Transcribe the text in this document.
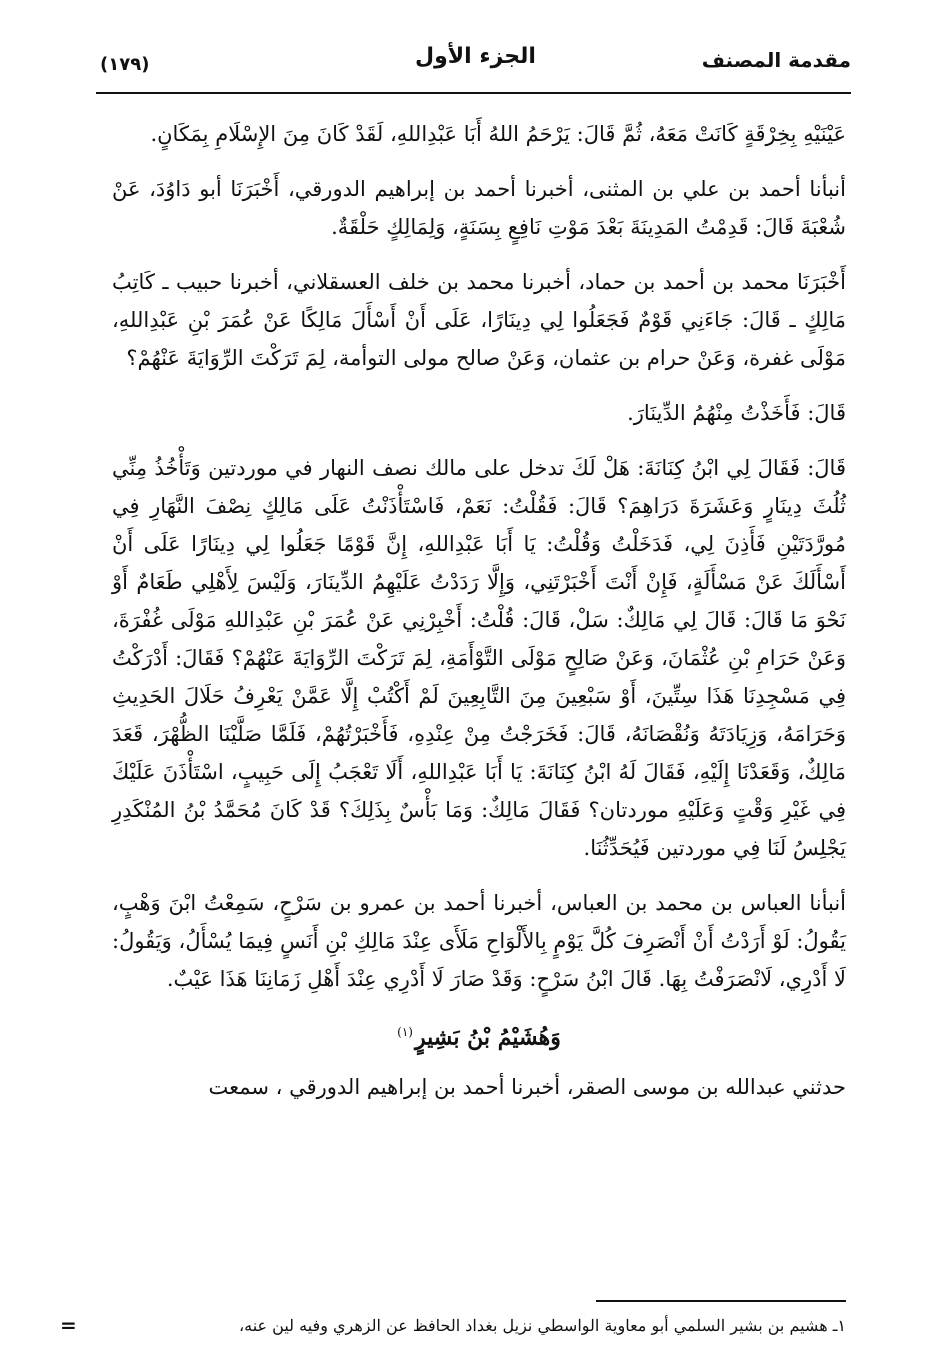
مقدمة المصنف
الجزء الأول
(١٧٩)

عَيْنَيْهِ بِخِرْقَةٍ كَانَتْ مَعَهُ، ثُمَّ قَالَ: يَرْحَمُ اللهُ أَبَا عَبْدِاللهِ، لَقَدْ كَانَ مِنَ الإِسْلَامِ بِمَكَانٍ.

أنبأنا أحمد بن علي بن المثنى، أخبرنا أحمد بن إبراهيم الدورقي، أَخْبَرَنَا أبو دَاوُدَ، عَنْ شُعْبَةَ قَالَ: قَدِمْتُ المَدِينَةَ بَعْدَ مَوْتِ نَافِعٍ بِسَنَةٍ، وَلِمَالِكٍ حَلْقَةٌ.

أَخْبَرَنَا محمد بن أحمد بن حماد، أخبرنا محمد بن خلف العسقلاني، أخبرنا حبيب ـ كَاتِبُ مَالِكٍ ـ قَالَ: جَاءَنِي قَوْمٌ فَجَعَلُوا لِي دِينَارًا، عَلَى أَنْ أَسْأَلَ مَالِكًا عَنْ عُمَرَ بْنِ عَبْدِاللهِ، مَوْلَى غفرة، وَعَنْ حرام بن عثمان، وَعَنْ صالح مولى التوأمة، لِمَ تَرَكْتَ الرِّوَايَةَ عَنْهُمْ؟

قَالَ: فَأَخَذْتُ مِنْهُمُ الدِّينَارَ.

قَالَ: فَقَالَ لِي ابْنُ كِنَانَةَ: هَلْ لَكَ تدخل على مالك نصف النهار في موردتين وَتَأْخُذُ مِنِّي ثُلُثَ دِينَارٍ وَعَشَرَةَ دَرَاهِمَ؟ قَالَ: فَقُلْتُ: نَعَمْ، فَاسْتَأْذَنْتُ عَلَى مَالِكٍ نِصْفَ النَّهَارِ فِي مُورَّدَتَيْنِ فَأَذِنَ لِي، فَدَخَلْتُ وَقُلْتُ: يَا أَبَا عَبْدِاللهِ، إِنَّ قَوْمًا جَعَلُوا لِي دِينَارًا عَلَى أَنْ أَسْأَلَكَ عَنْ مَسْأَلَةٍ، فَإِنْ أَنْتَ أَخْبَرْتَنِي، وَإِلَّا رَدَدْتُ عَلَيْهِمُ الدِّينَارَ، وَلَيْسَ لِأَهْلِي طَعَامٌ أَوْ نَحْوَ مَا قَالَ: قَالَ لِي مَالِكٌ: سَلْ، قَالَ: قُلْتُ: أَخْبِرْنِي عَنْ عُمَرَ بْنِ عَبْدِاللهِ مَوْلَى غُفْرَةَ، وَعَنْ حَرَامِ بْنِ عُثْمَانَ، وَعَنْ صَالِحٍ مَوْلَى التَّوْأَمَةِ، لِمَ تَرَكْتَ الرِّوَايَةَ عَنْهُمْ؟ فَقَالَ: أَدْرَكْتُ فِي مَسْجِدِنَا هَذَا سِتِّينَ، أَوْ سَبْعِينَ مِنَ التَّابِعِينَ لَمْ أَكْتُبْ إِلَّا عَمَّنْ يَعْرِفُ حَلَالَ الحَدِيثِ وَحَرَامَهُ، وَزِيَادَتَهُ وَنُقْصَانَهُ، قَالَ: فَخَرَجْتُ مِنْ عِنْدِهِ، فَأَخْبَرْتُهُمْ، فَلَمَّا صَلَّيْنَا الظُّهْرَ، قَعَدَ مَالِكٌ، وَقَعَدْنَا إِلَيْهِ، فَقَالَ لَهُ ابْنُ كِنَانَةَ: يَا أَبَا عَبْدِاللهِ، أَلَا تَعْجَبُ إِلَى حَبِيبٍ، اسْتَأْذَنَ عَلَيْكَ فِي غَيْرِ وَقْتٍ وَعَلَيْهِ موردتان؟ فَقَالَ مَالِكٌ: وَمَا بَأْسٌ بِذَلِكَ؟ قَدْ كَانَ مُحَمَّدُ بْنُ المُنْكَدِرِ يَجْلِسُ لَنَا فِي موردتين فَيُحَدِّثُنَا.

أنبأنا العباس بن محمد بن العباس، أخبرنا أحمد بن عمرو بن سَرْحٍ، سَمِعْتُ ابْنَ وَهْبٍ، يَقُولُ: لَوْ أَرَدْتُ أَنْ أَنْصَرِفَ كُلَّ يَوْمٍ بِالأَلْوَاحِ مَلَأَى عِنْدَ مَالِكِ بْنِ أَنَسٍ فِيمَا يُسْأَلُ، وَيَقُولُ: لَا أَدْرِي، لَانْصَرَفْتُ بِهَا. قَالَ ابْنُ سَرْحٍ: وَقَدْ صَارَ لَا أَدْرِي عِنْدَ أَهْلِ زَمَانِنَا هَذَا عَيْبٌ.

وَهُشَيْمُ بْنُ بَشِيرٍ$^{(١)}$

حدثني عبدالله بن موسى الصقر، أخبرنا أحمد بن إبراهيم الدورقي ، سمعت

١ـ هشيم بن بشير السلمي أبو معاوية الواسطي نزيل بغداد الحافظ عن الزهري وفيه لين عنه،
=
